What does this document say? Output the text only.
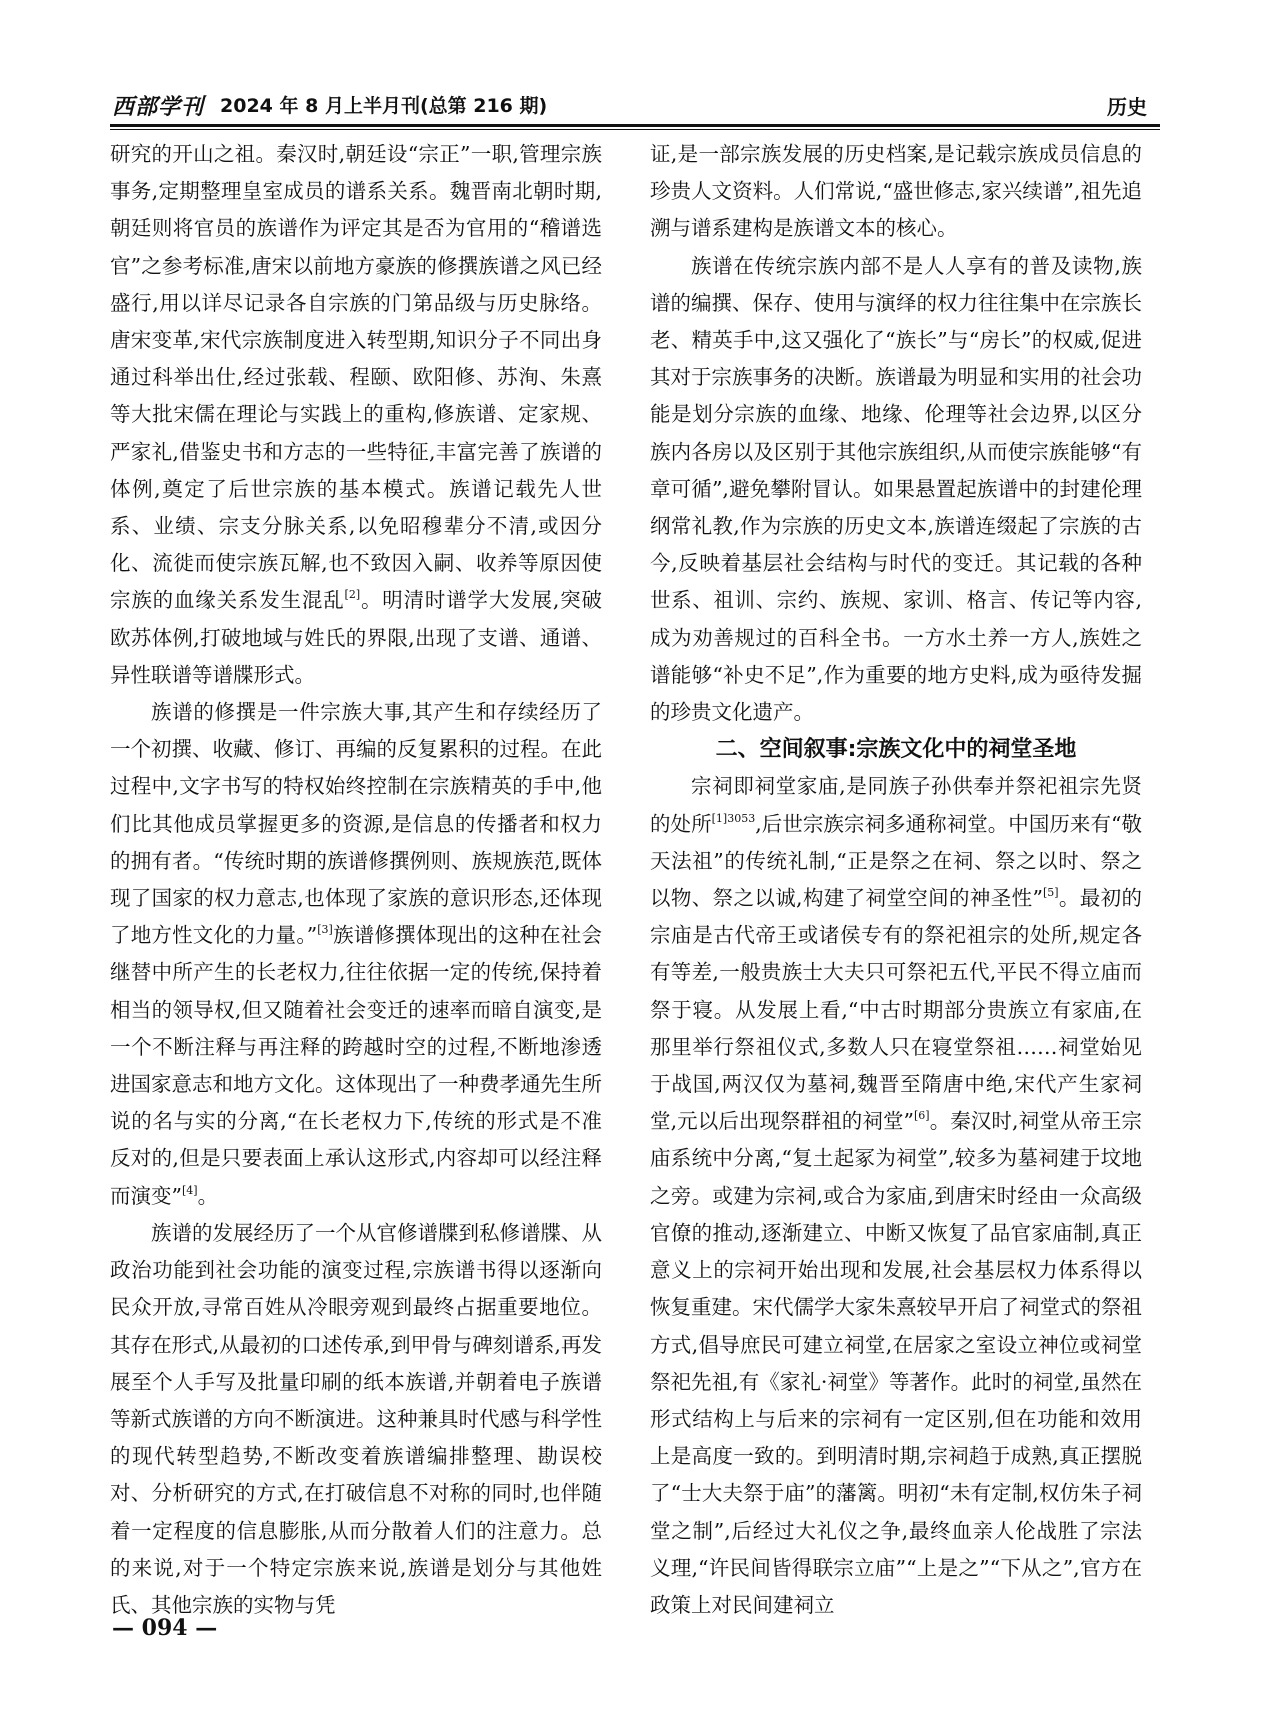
西部学刊 2024 年 8 月上半月刊(总第 216 期)	历史

研究的开山之祖。秦汉时,朝廷设“宗正”一职,管理宗族事务,定期整理皇室成员的谱系关系。魏晋南北朝时期,朝廷则将官员的族谱作为评定其是否为官用的“稽谱选官”之参考标准,唐宋以前地方豪族的修撰族谱之风已经盛行,用以详尽记录各自宗族的门第品级与历史脉络。唐宋变革,宋代宗族制度进入转型期,知识分子不同出身通过科举出仕,经过张载、程颐、欧阳修、苏洵、朱熹等大批宋儒在理论与实践上的重构,修族谱、定家规、严家礼,借鉴史书和方志的一些特征,丰富完善了族谱的体例,奠定了后世宗族的基本模式。族谱记载先人世系、业绩、宗支分脉关系,以免昭穆辈分不清,或因分化、流徙而使宗族瓦解,也不致因入嗣、收养等原因使宗族的血缘关系发生混乱[2]。明清时谱学大发展,突破欧苏体例,打破地域与姓氏的界限,出现了支谱、通谱、异性联谱等谱牒形式。

族谱的修撰是一件宗族大事,其产生和存续经历了一个初撰、收藏、修订、再编的反复累积的过程。在此过程中,文字书写的特权始终控制在宗族精英的手中,他们比其他成员掌握更多的资源,是信息的传播者和权力的拥有者。“传统时期的族谱修撰例则、族规族范,既体现了国家的权力意志,也体现了家族的意识形态,还体现了地方性文化的力量。”[3]族谱修撰体现出的这种在社会继替中所产生的长老权力,往往依据一定的传统,保持着相当的领导权,但又随着社会变迁的速率而暗自演变,是一个不断注释与再注释的跨越时空的过程,不断地渗透进国家意志和地方文化。这体现出了一种费孝通先生所说的名与实的分离,“在长老权力下,传统的形式是不准反对的,但是只要表面上承认这形式,内容却可以经注释而演变”[4]。

族谱的发展经历了一个从官修谱牒到私修谱牒、从政治功能到社会功能的演变过程,宗族谱书得以逐渐向民众开放,寻常百姓从冷眼旁观到最终占据重要地位。其存在形式,从最初的口述传承,到甲骨与碑刻谱系,再发展至个人手写及批量印刷的纸本族谱,并朝着电子族谱等新式族谱的方向不断演进。这种兼具时代感与科学性的现代转型趋势,不断改变着族谱编排整理、勘误校对、分析研究的方式,在打破信息不对称的同时,也伴随着一定程度的信息膨胀,从而分散着人们的注意力。总的来说,对于一个特定宗族来说,族谱是划分与其他姓氏、其他宗族的实物与凭

证,是一部宗族发展的历史档案,是记载宗族成员信息的珍贵人文资料。人们常说,“盛世修志,家兴续谱”,祖先追溯与谱系建构是族谱文本的核心。

族谱在传统宗族内部不是人人享有的普及读物,族谱的编撰、保存、使用与演绎的权力往往集中在宗族长老、精英手中,这又强化了“族长”与“房长”的权威,促进其对于宗族事务的决断。族谱最为明显和实用的社会功能是划分宗族的血缘、地缘、伦理等社会边界,以区分族内各房以及区别于其他宗族组织,从而使宗族能够“有章可循”,避免攀附冒认。如果悬置起族谱中的封建伦理纲常礼教,作为宗族的历史文本,族谱连缀起了宗族的古今,反映着基层社会结构与时代的变迁。其记载的各种世系、祖训、宗约、族规、家训、格言、传记等内容,成为劝善规过的百科全书。一方水土养一方人,族姓之谱能够“补史不足”,作为重要的地方史料,成为亟待发掘的珍贵文化遗产。

二、空间叙事:宗族文化中的祠堂圣地

宗祠即祠堂家庙,是同族子孙供奉并祭祀祖宗先贤的处所$^{[1]3053}$,后世宗族宗祠多通称祠堂。中国历来有“敬天法祖”的传统礼制,“正是祭之在祠、祭之以时、祭之以物、祭之以诚,构建了祠堂空间的神圣性”[5]。最初的宗庙是古代帝王或诸侯专有的祭祀祖宗的处所,规定各有等差,一般贵族士大夫只可祭祀五代,平民不得立庙而祭于寝。从发展上看,“中古时期部分贵族立有家庙,在那里举行祭祖仪式,多数人只在寝堂祭祖……祠堂始见于战国,两汉仅为墓祠,魏晋至隋唐中绝,宋代产生家祠堂,元以后出现祭群祖的祠堂”[6]。秦汉时,祠堂从帝王宗庙系统中分离,“复土起冢为祠堂”,较多为墓祠建于坟地之旁。或建为宗祠,或合为家庙,到唐宋时经由一众高级官僚的推动,逐渐建立、中断又恢复了品官家庙制,真正意义上的宗祠开始出现和发展,社会基层权力体系得以恢复重建。宋代儒学大家朱熹较早开启了祠堂式的祭祖方式,倡导庶民可建立祠堂,在居家之室设立神位或祠堂祭祀先祖,有《家礼·祠堂》等著作。此时的祠堂,虽然在形式结构上与后来的宗祠有一定区别,但在功能和效用上是高度一致的。到明清时期,宗祠趋于成熟,真正摆脱了“士大夫祭于庙”的藩篱。明初“未有定制,权仿朱子祠堂之制”,后经过大礼仪之争,最终血亲人伦战胜了宗法义理,“许民间皆得联宗立庙”“上是之”“下从之”,官方在政策上对民间建祠立

— 094 —
